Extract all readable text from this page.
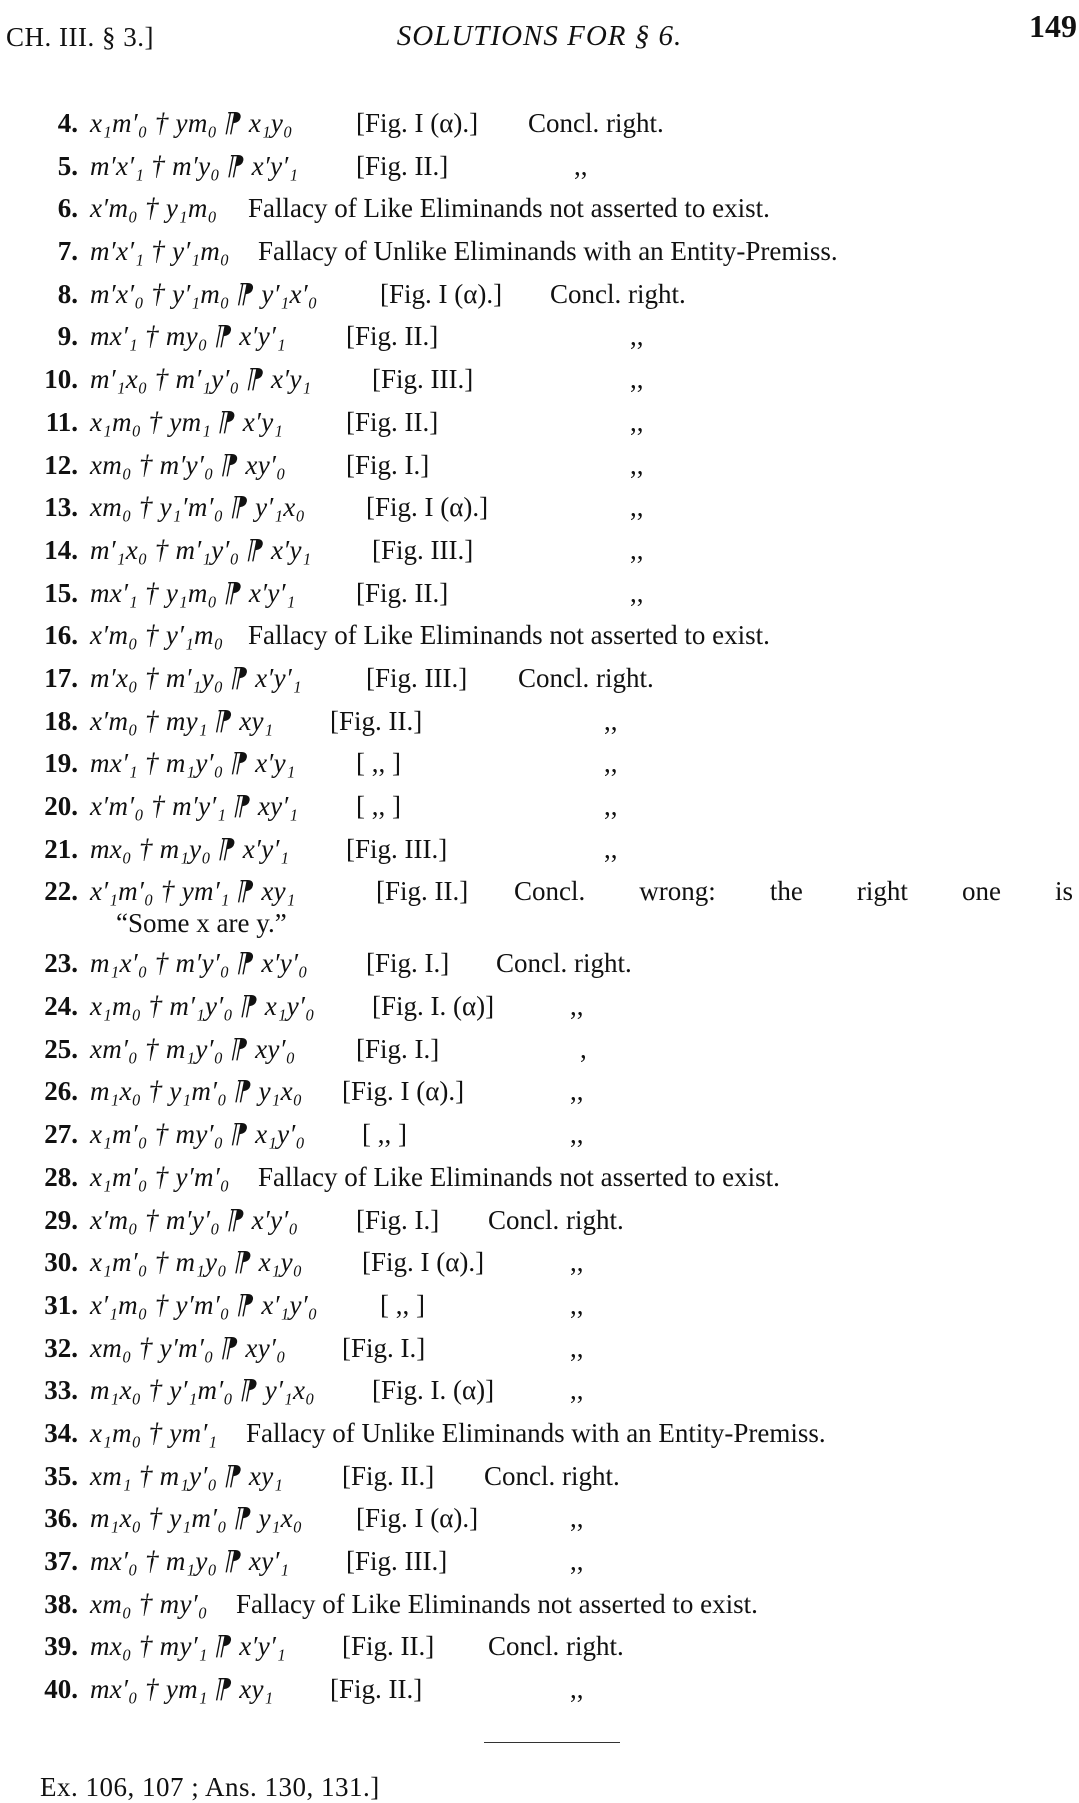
CH. III. § 3.]	SOLUTIONS FOR § 6.	149
4. x₁m′₀ † ym₀ ⁋ x₁y₀ [Fig. I (α).] Concl. right.
5. m′x′₁ † m′y₀ ⁋ x′y′₁ [Fig. II.]	,,
6. x′m₀ † y₁m₀ Fallacy of Like Eliminands not asserted to exist.
7. m′x′₁ † y′₁m₀ Fallacy of Unlike Eliminands with an Entity-Premiss.
8. m′x′₀ † y′₁m₀ ⁋ y′₁x′₀ [Fig. I (α).] Concl. right.
9. mx′₁ † my₀ ⁋ x′y′₁ [Fig. II.]	,,
10. m′₁x₀ † m′₁y′₀ ⁋ x′y₁ [Fig. III.]	,,
11. x₁m₀ † ym₁ ⁋ x′y₁ [Fig. II.]	,,
12. xm₀ † m′y′₀ ⁋ xy′₀ [Fig. I.]	,,
13. xm₀ † y₁′m′₀ ⁋ y′₁x₀ [Fig. I (α).]	,,
14. m′₁x₀ † m′₁y′₀ ⁋ x′y₁ [Fig. III.]	,,
15. mx′₁ † y₁m₀ ⁋ x′y′₁ [Fig. II.]	,,
16. x′m₀ † y′₁m₀ Fallacy of Like Eliminands not asserted to exist.
17. m′x₀ † m′₁y₀ ⁋ x′y′₁ [Fig. III.] Concl. right.
18. x′m₀ † my₁ ⁋ xy₁ [Fig. II.]	,,
19. mx′₁ † m₁y′₀ ⁋ x′y₁ [ ,, ]	,,
20. x′m′₀ † m′y′₁ ⁋ xy′₁ [ ,, ]	,,
21. mx₀ † m₁y₀ ⁋ x′y′₁ [Fig. III.]	,,
22. x′₁m′₀ † ym′₁ ⁋ xy₁	[Fig. II.] Concl. wrong: the right one is
“Some x are y.”
23. m₁x′₀ † m′y′₀ ⁋ x′y′₀ [Fig. I.] Concl. right.
24. x₁m₀ † m′₁y′₀ ⁋ x₁y′₀ [Fig. I. (α)]	,,
25. xm′₀ † m₁y′₀ ⁋ xy′₀ [Fig. I.]	,
26. m₁x₀ † y₁m′₀ ⁋ y₁x₀ [Fig. I (α).]	,,
27. x₁m′₀ † my′₀ ⁋ x₁y′₀ [ ,, ]	,,
28. x₁m′₀ † y′m′₀ Fallacy of Like Eliminands not asserted to exist.
29. x′m₀ † m′y′₀ ⁋ x′y′₀ [Fig. I.] Concl. right.
30. x₁m′₀ † m₁y₀ ⁋ x₁y₀ [Fig. I (α).]	,,
31. x′₁m₀ † y′m′₀ ⁋ x′₁y′₀ [ ,, ]	,,
32. xm₀ † y′m′₀ ⁋ xy′₀ [Fig. I.]	,,
33. m₁x₀ † y′₁m′₀ ⁋ y′₁x₀ [Fig. I. (α)]	,,
34. x₁m₀ † ym′₁ Fallacy of Unlike Eliminands with an Entity-Premiss.
35. xm₁ † m₁y′₀ ⁋ xy₁ [Fig. II.] Concl. right.
36. m₁x₀ † y₁m′₀ ⁋ y₁x₀ [Fig. I (α).]	,,
37. mx′₀ † m₁y₀ ⁋ xy′₁ [Fig. III.]	,,
38. xm₀ † my′₀ Fallacy of Like Eliminands not asserted to exist.
39. mx₀ † my′₁ ⁋ x′y′₁ [Fig. II.] Concl. right.
40. mx′₀ † ym₁ ⁋ xy₁ [Fig. II.]	,,
Ex. 106, 107 ; Ans. 130, 131.]
